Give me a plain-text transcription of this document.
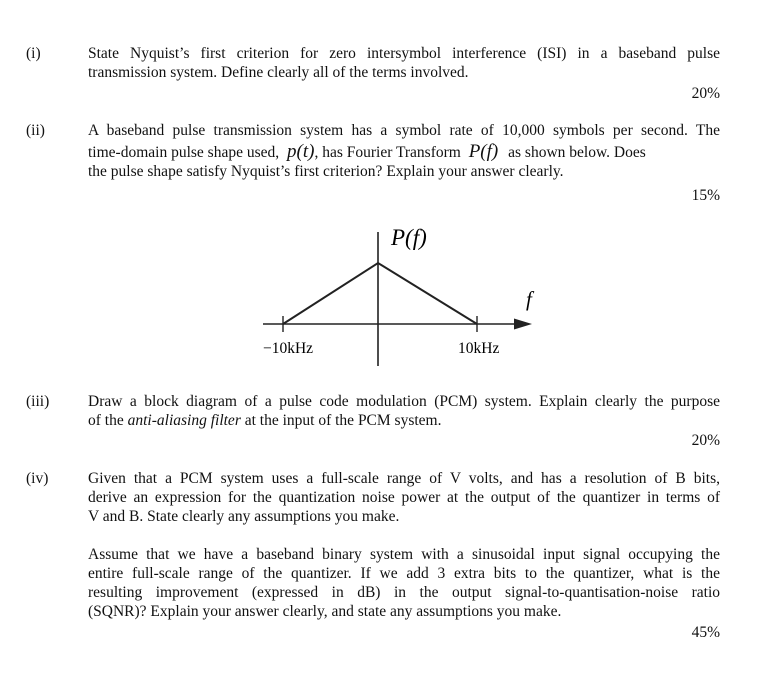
(i)	State Nyquist’s first criterion for zero intersymbol interference (ISI) in a baseband pulse
transmission system. Define clearly all of the terms involved.
20%
(ii)	A baseband pulse transmission system has a symbol rate of 10,000 symbols per second. The
time-domain pulse shape used, p(t), has Fourier Transform P(f) as shown below. Does
the pulse shape satisfy Nyquist’s first criterion? Explain your answer clearly.
15%
P(f)
f
−10kHz	10kHz
(iii)	Draw a block diagram of a pulse code modulation (PCM) system. Explain clearly the purpose
of the anti-aliasing filter at the input of the PCM system.
20%
(iv)	Given that a PCM system uses a full-scale range of V volts, and has a resolution of B bits,
derive an expression for the quantization noise power at the output of the quantizer in terms of
V and B. State clearly any assumptions you make.
Assume that we have a baseband binary system with a sinusoidal input signal occupying the
entire full-scale range of the quantizer. If we add 3 extra bits to the quantizer, what is the
resulting improvement (expressed in dB) in the output signal-to-quantisation-noise ratio
(SQNR)? Explain your answer clearly, and state any assumptions you make.
45%
